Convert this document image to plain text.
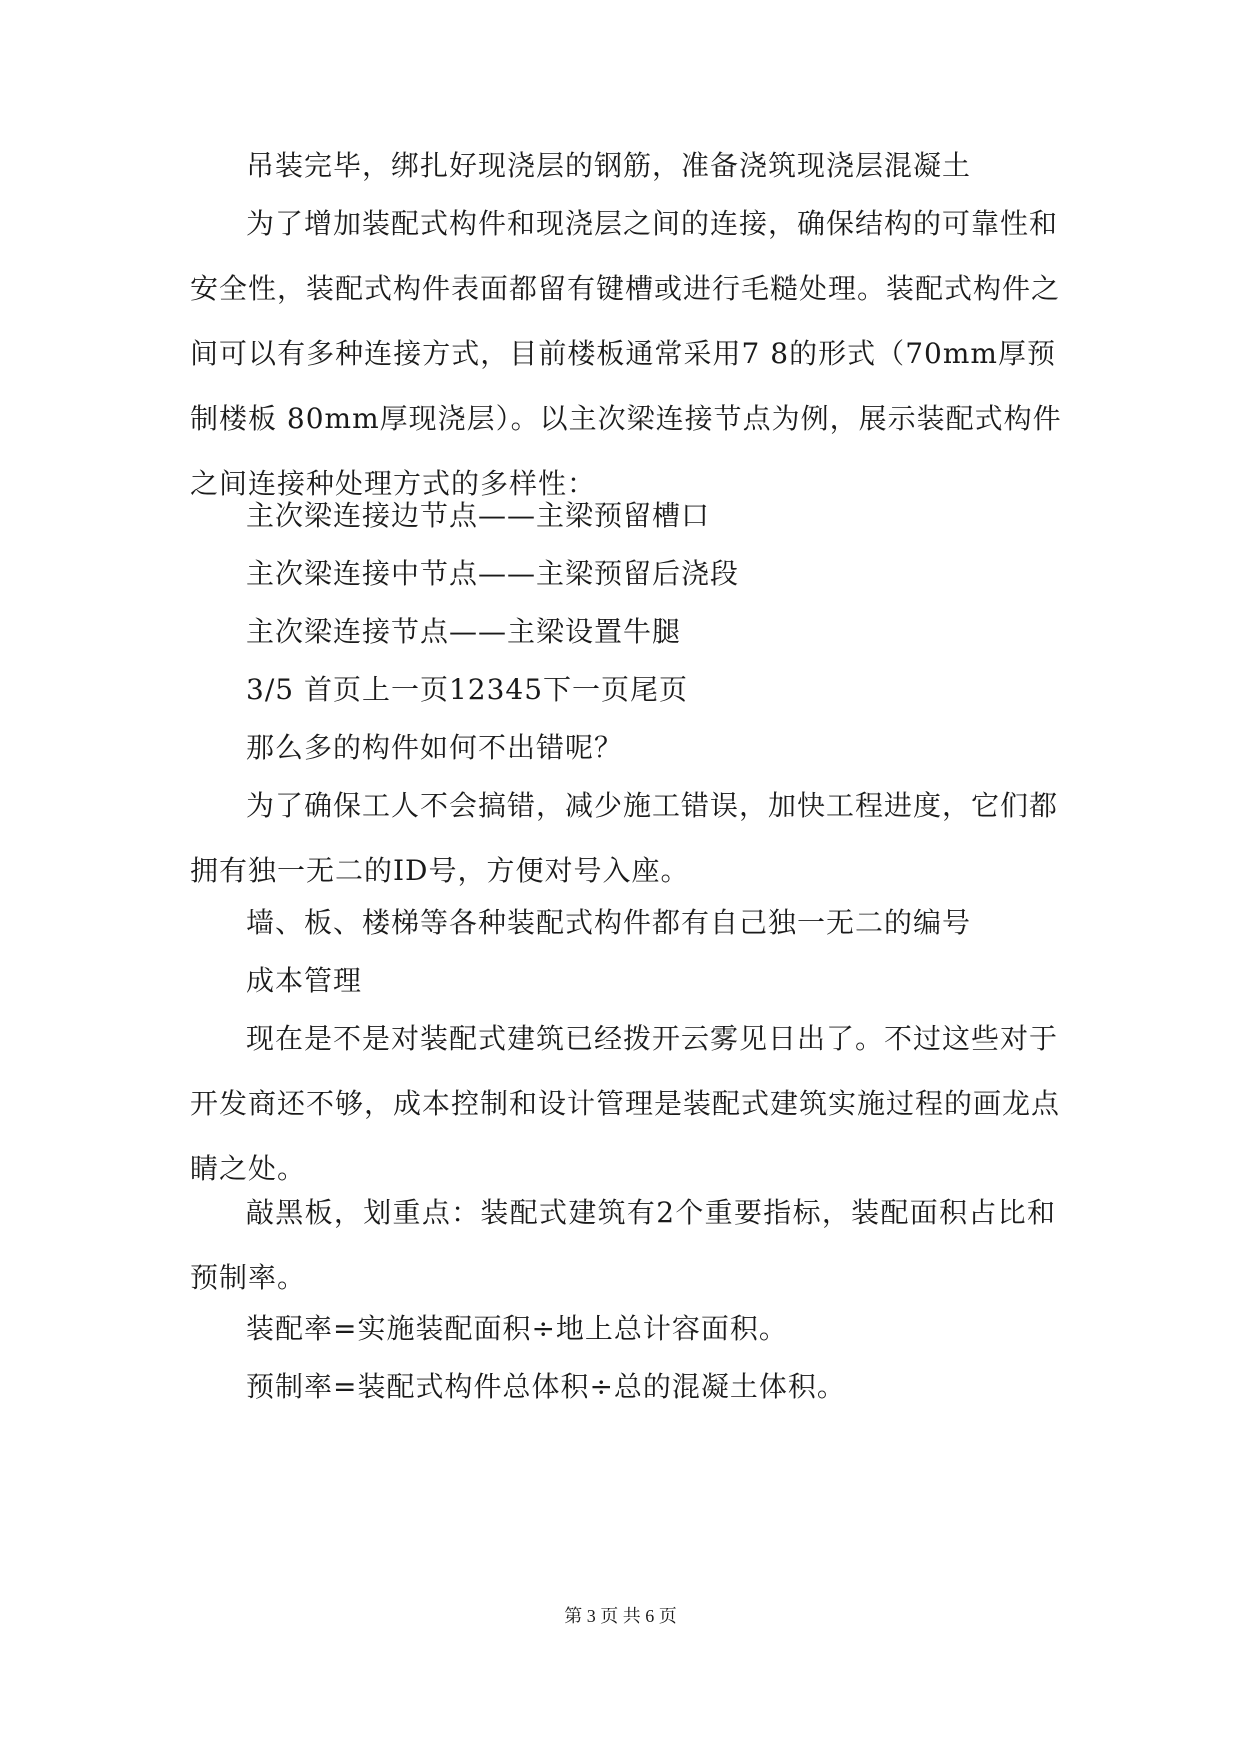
吊装完毕，绑扎好现浇层的钢筋，准备浇筑现浇层混凝土

为了增加装配式构件和现浇层之间的连接，确保结构的可靠性和
安全性，装配式构件表面都留有键槽或进行毛糙处理。装配式构件之
间可以有多种连接方式，目前楼板通常采用7 8的形式（70mm厚预
制楼板 80mm厚现浇层）。以主次梁连接节点为例，展示装配式构件
之间连接种处理方式的多样性：

主次梁连接边节点——主梁预留槽口

主次梁连接中节点——主梁预留后浇段

主次梁连接节点——主梁设置牛腿

3/5 首页上一页12345下一页尾页

那么多的构件如何不出错呢？

为了确保工人不会搞错，减少施工错误，加快工程进度，它们都
拥有独一无二的ID号，方便对号入座。

墙、板、楼梯等各种装配式构件都有自己独一无二的编号

成本管理

现在是不是对装配式建筑已经拨开云雾见日出了。不过这些对于
开发商还不够，成本控制和设计管理是装配式建筑实施过程的画龙点
睛之处。

敲黑板，划重点：装配式建筑有2个重要指标，装配面积占比和
预制率。

装配率=实施装配面积÷地上总计容面积。

预制率=装配式构件总体积÷总的混凝土体积。

第 3 页 共 6 页
